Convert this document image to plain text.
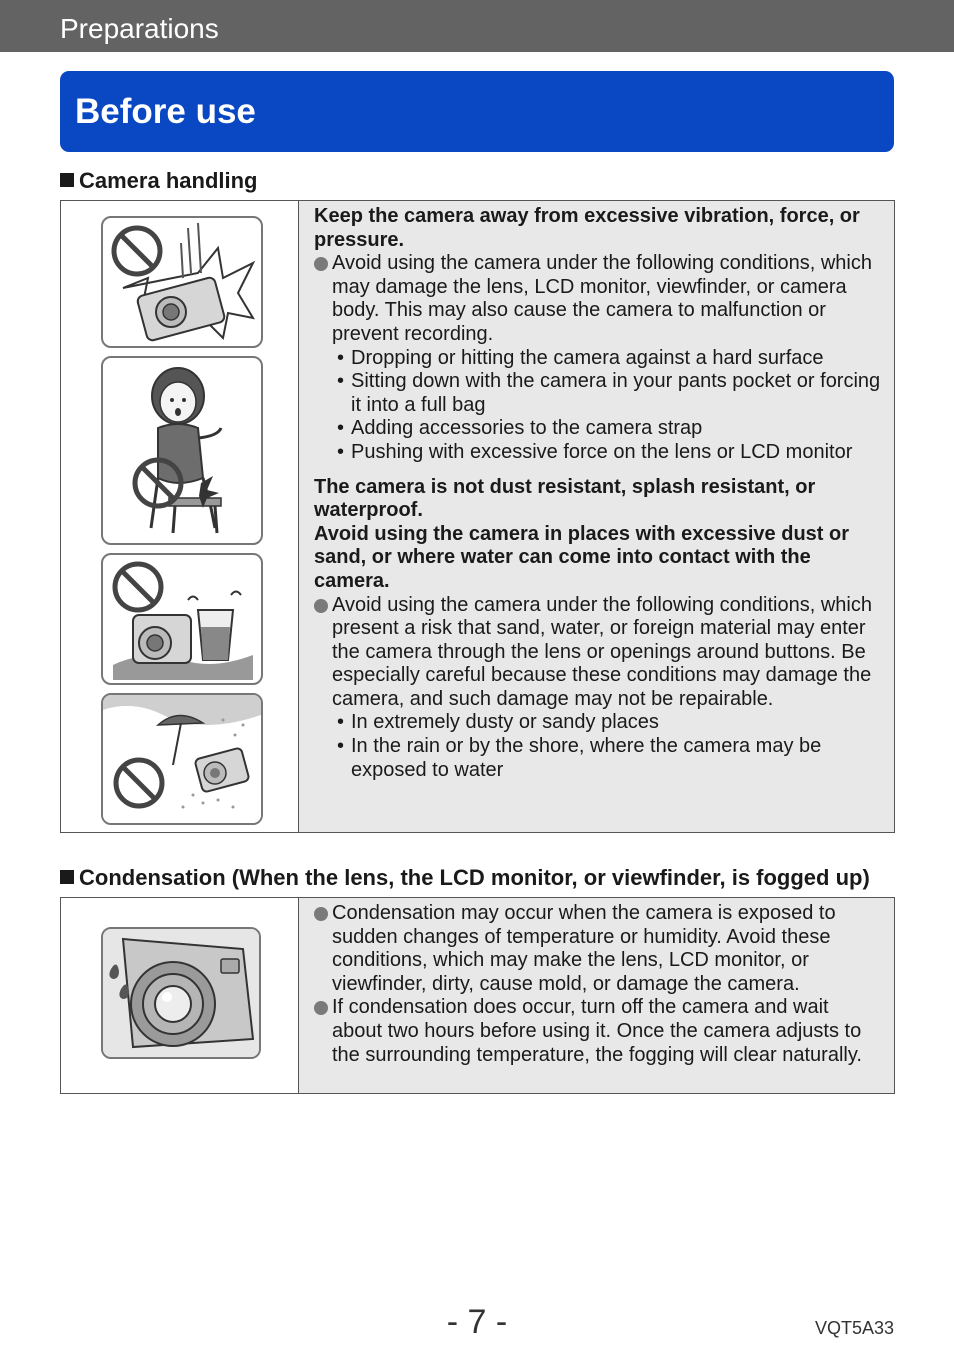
Preparations
Before use
Camera handling
Keep the camera away from excessive vibration, force, or pressure.
Avoid using the camera under the following conditions, which may damage the lens, LCD monitor, viewfinder, or camera body. This may also cause the camera to malfunction or prevent recording.
• Dropping or hitting the camera against a hard surface
• Sitting down with the camera in your pants pocket or forcing it into a full bag
• Adding accessories to the camera strap
• Pushing with excessive force on the lens or LCD monitor
The camera is not dust resistant, splash resistant, or waterproof.
Avoid using the camera in places with excessive dust or sand, or where water can come into contact with the camera.
Avoid using the camera under the following conditions, which present a risk that sand, water, or foreign material may enter the camera through the lens or openings around buttons. Be especially careful because these conditions may damage the camera, and such damage may not be repairable.
• In extremely dusty or sandy places
• In the rain or by the shore, where the camera may be exposed to water
Condensation (When the lens, the LCD monitor, or viewfinder, is fogged up)
Condensation may occur when the camera is exposed to sudden changes of temperature or humidity. Avoid these conditions, which may make the lens, LCD monitor, or viewfinder, dirty, cause mold, or damage the camera.
If condensation does occur, turn off the camera and wait about two hours before using it. Once the camera adjusts to the surrounding temperature, the fogging will clear naturally.
- 7 -	VQT5A33
